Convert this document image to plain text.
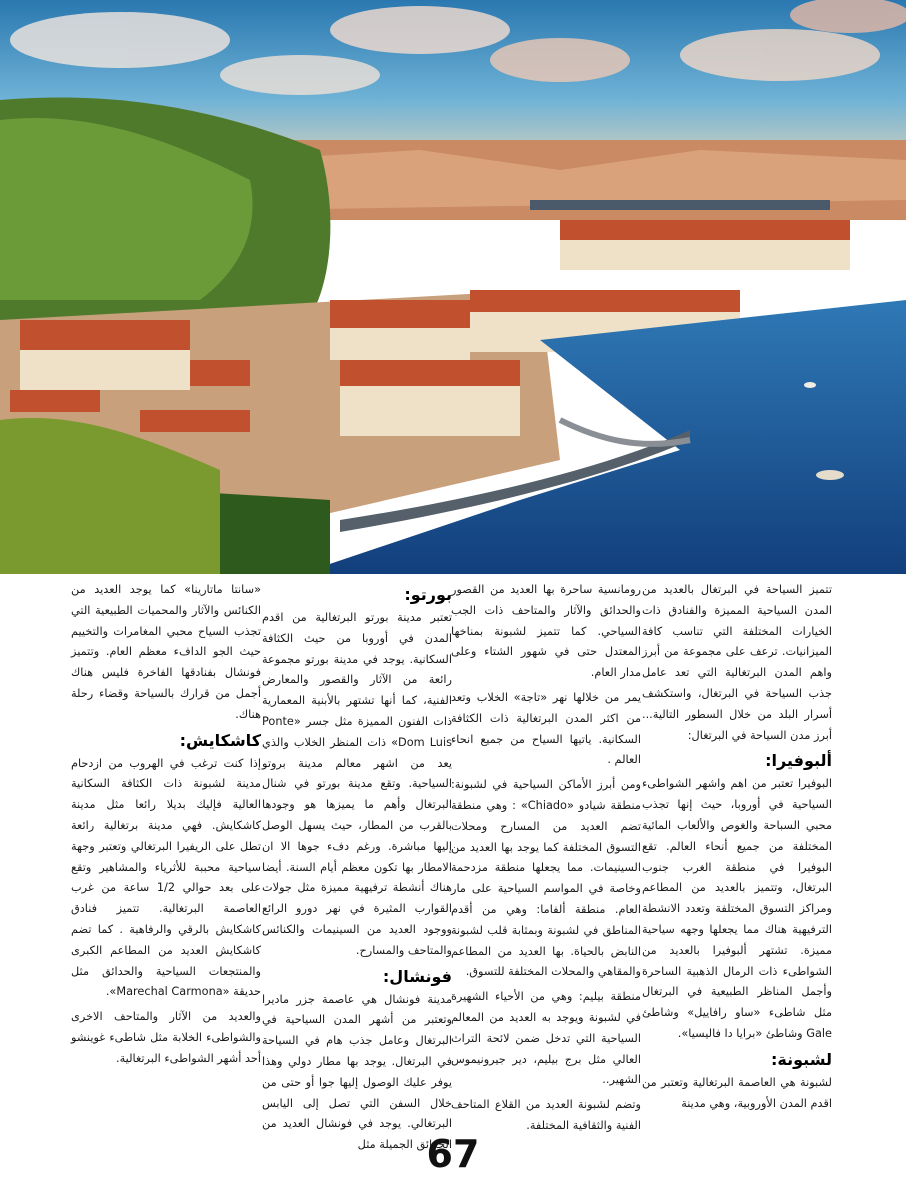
تتميز السياحة في البرتغال بالعديد من المدن السياحية المميزة والفنادق ذات الخيارات المختلفة التي تناسب كافة الميزانيات. ترعف على مجموعة من أبرز واهم المدن البرتغالية التي تعد عامل جذب السياحة في البرتغال، واستكشف أسرار البلد من خلال السطور التالية... أبرز مدن السياحة في البرتغال:

ألبوفيرا:

البوفيرا تعتبر من اهم واشهر الشواطىء السياحية في أوروبا، حيث إنها تجذب محبي السباحة والغوص والألعاب المائية المختلفة من جميع أنحاء العالم. تقع البوفيرا في منطقة الغرب جنوب البرتغال، وتتميز بالعديد من المطاعم ومراكز التسوق المختلفة وتعدد الانشطة الترفيهية هناك مما يجعلها وجهه سياحية مميزة. تشتهر ألبوفيرا بالعديد من الشواطىء ذات الرمال الذهبية الساحرة وأجمل المناظر الطبيعية في البرتغال مثل شاطىء «ساو رافاييل» وشاطئ Gale وشاطئ «برايا دا فاليسيا».

لشبونة:

لشبونة هي العاصمة البرتغالية وتعتبر من اقدم المدن الأوروبية، وهي مدينة

رومانسية ساحرة بها العديد من القصور والحدائق والآثار والمتاحف ذات الجب السياحي. كما تتميز لشبونة بمناخها المعتدل حتى في شهور الشتاء وعلى مدار العام.

يمر من خلالها نهر «تاجة» الخلاب وتعد من اكثر المدن البرتغالية ذات الكثافة السكانية. ياتيها السياح من جميع انحاء العالم .

ومن أبرز الأماكن السياحية في لشبونة: منطقة شيادو «Chiado» : وهي منطقة تضم العديد من المسارح ومحلات التسوق المختلفة كما يوجد بها العديد من السينيمات. مما يجعلها منطقة مزدحمة وخاصة في المواسم السياحية على مار العام. منطقة ألفاما: وهي من أقدم المناطق في لشبونة وبمثابة قلب لشبونة النابض بالحياة. بها العديد من المطاعم والمقاهي والمحلات المختلفة للتسوق.

منطقة بيليم: وهي من الأحياء الشهيرة في لشبونة ويوجد به العديد من المعالم السياحية التي تدخل ضمن لائحة التراث العالي مثل برج بيليم، دير جيرونيموس الشهير..

وتضم لشبونة العديد من القلاع المتاحف الفنية والثقافية المختلفة.

بورتو:

تعتبر مدينة بورتو البرتغالية من اقدم المدن في أوروبا من حيث الكثافة السكانية. يوجد في مدينة بورتو مجموعة رائعة من الآثار والقصور والمعارض الفنية، كما أنها تشتهر بالأبنية المعمارية ذات الفنون المميزة مثل جسر «Ponte Dom Luis» ذات المنظر الخلاب والذي يعد من اشهر معالم مدينة بروتو السياحية. وتقع مدينة بورتو في شنال البرتغال وأهم ما يميزها هو وجودها بالقرب من المطار، حيث يسهل الوصل إليها مباشرة. ورغم دفء جوها الا ان الامطار بها تكون معظم أيام السنة. أيضا هناك أنشطة ترفيهية مميزة مثل جولات القوارب المثيرة في نهر دورو الرائع ووجود العديد من السينيمات والكنائس والمتاحف والمسارح.

فونشال:

مدينة فونشال هي عاصمة جزر ماديرا وتعتبر من أشهر المدن السياحية في البرتغال وعامل جذب هام في السياحة في البرتغال. يوجد بها مطار دولي وهذا يوفر عليك الوصول إليها جوا أو حتى من خلال السفن التي تصل إلى اليابس البرتغالي. يوجد في فونشال العديد من الحدائق الجميلة مثل

«سانتا ماتارينا» كما يوجد العديد من الكنائس والآثار والمحميات الطبيعية التي تجذب السياح محبي المغامرات والتخييم حيث الجو الدافء معظم العام. وتتميز فونشال بفنادقها الفاخرة فليس هناك أجمل من قرارك بالسياحة وقضاء رحلة هناك.

كاشكايش:

إذا كنت ترغب في الهروب من ازدحام مدينة لشبونة ذات الكثافة السكانية العالية فإليك بديلا رائعا مثل مدينة كاشكايش. فهي مدينة برتغالية رائعة تطل على الريفيرا البرتغالي وتعتبر وجهة سياحية محببة للأثرياء والمشاهير وتقع على بعد حوالي 1/2 ساعة من غرب العاصمة البرتغالية. تتميز فنادق كاشكايش بالرقي والرفاهية . كما تضم كاشكايش العديد من المطاعم الكبرى والمنتجعات السياحية والحدائق مثل حديقة «Marechal Carmona».

والعديد من الآثار والمتاحف الاخرى والشواطىء الخلابة مثل شاطىء غوينشو أحد أشهر الشواطىء البرتغالية.

67
